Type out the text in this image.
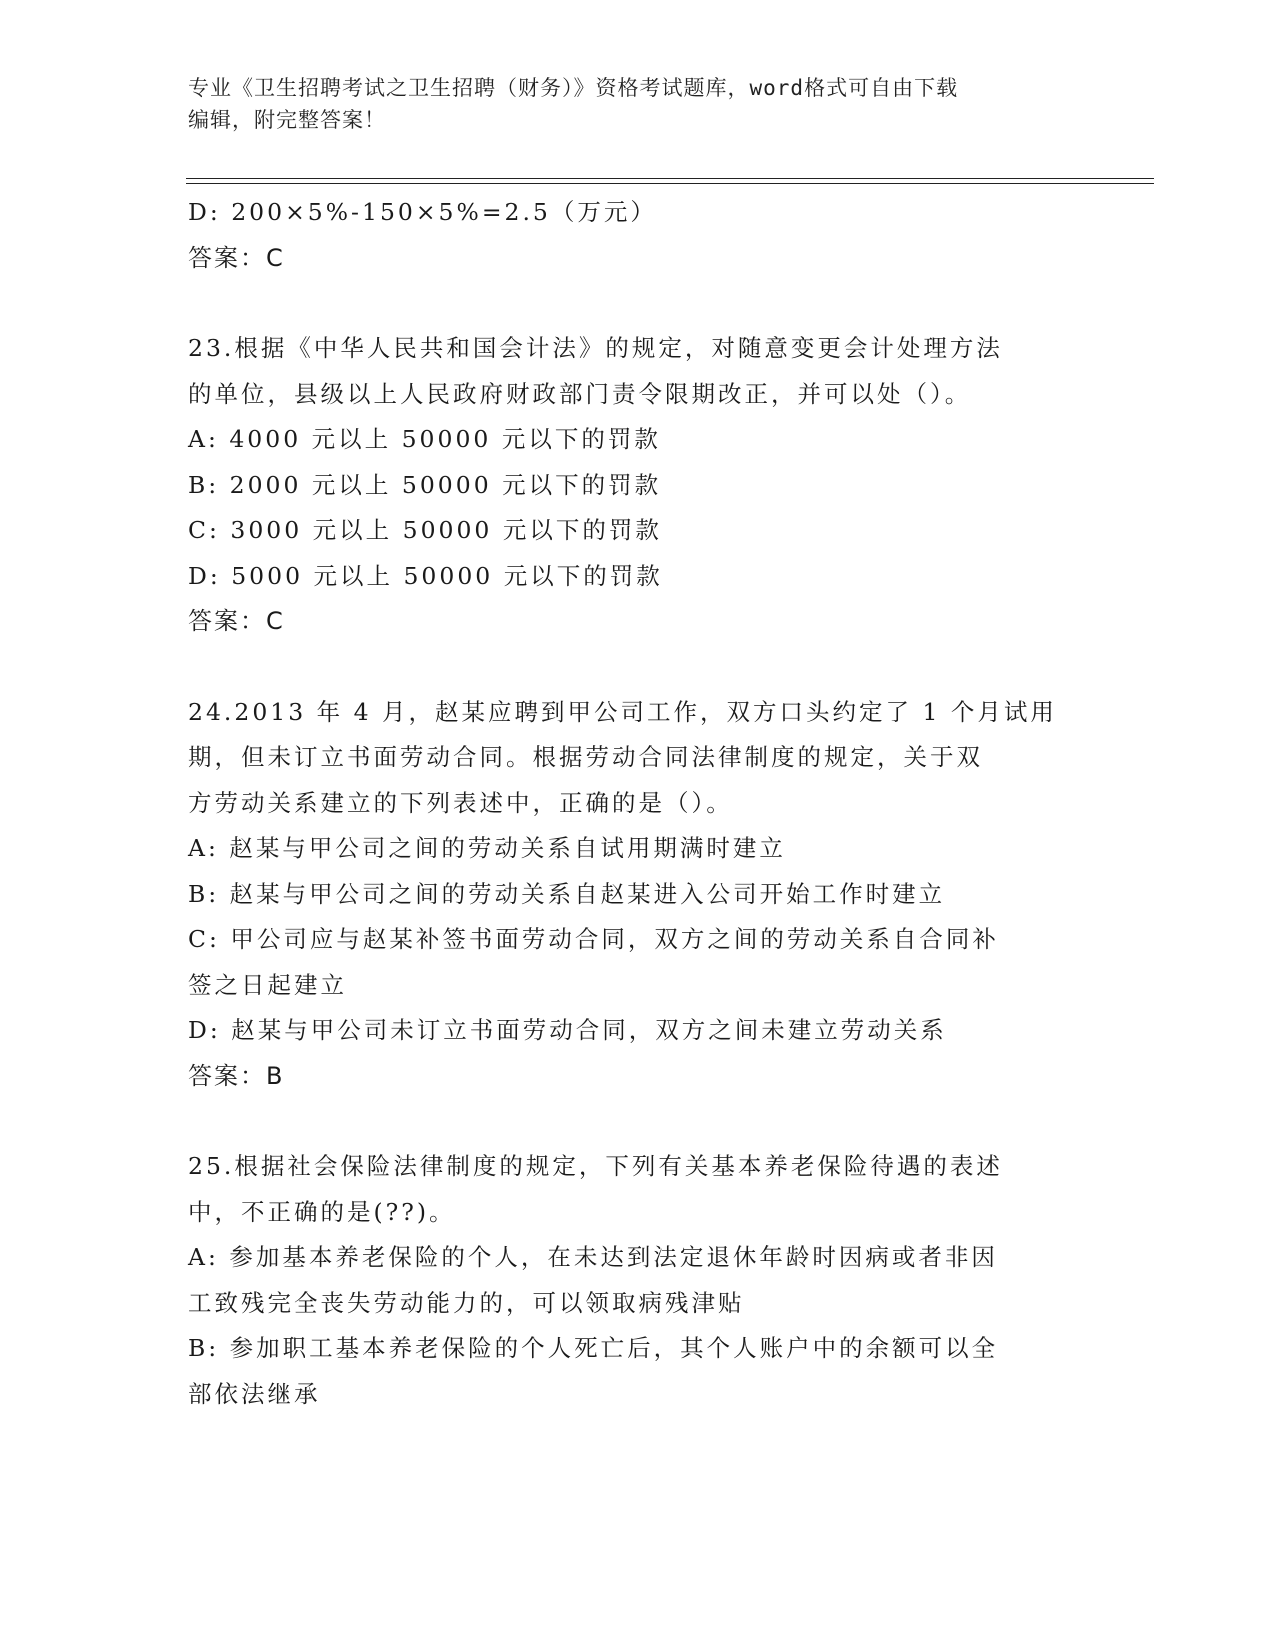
专业《卫生招聘考试之卫生招聘（财务）》资格考试题库，word格式可自由下载
编辑，附完整答案！
D: 200×5%-150×5%=2.5（万元）
答案：C
23.根据《中华人民共和国会计法》的规定，对随意变更会计处理方法
的单位，县级以上人民政府财政部门责令限期改正，并可以处（）。
A: 4000 元以上 50000 元以下的罚款
B: 2000 元以上 50000 元以下的罚款
C: 3000 元以上 50000 元以下的罚款
D: 5000 元以上 50000 元以下的罚款
答案：C
24.2013 年 4 月，赵某应聘到甲公司工作，双方口头约定了 1 个月试用
期，但未订立书面劳动合同。根据劳动合同法律制度的规定，关于双
方劳动关系建立的下列表述中，正确的是（）。
A: 赵某与甲公司之间的劳动关系自试用期满时建立
B: 赵某与甲公司之间的劳动关系自赵某进入公司开始工作时建立
C: 甲公司应与赵某补签书面劳动合同，双方之间的劳动关系自合同补
签之日起建立
D: 赵某与甲公司未订立书面劳动合同，双方之间未建立劳动关系
答案：B
25.根据社会保险法律制度的规定，下列有关基本养老保险待遇的表述
中，不正确的是(??)。
A: 参加基本养老保险的个人，在未达到法定退休年龄时因病或者非因
工致残完全丧失劳动能力的，可以领取病残津贴
B: 参加职工基本养老保险的个人死亡后，其个人账户中的余额可以全
部依法继承
